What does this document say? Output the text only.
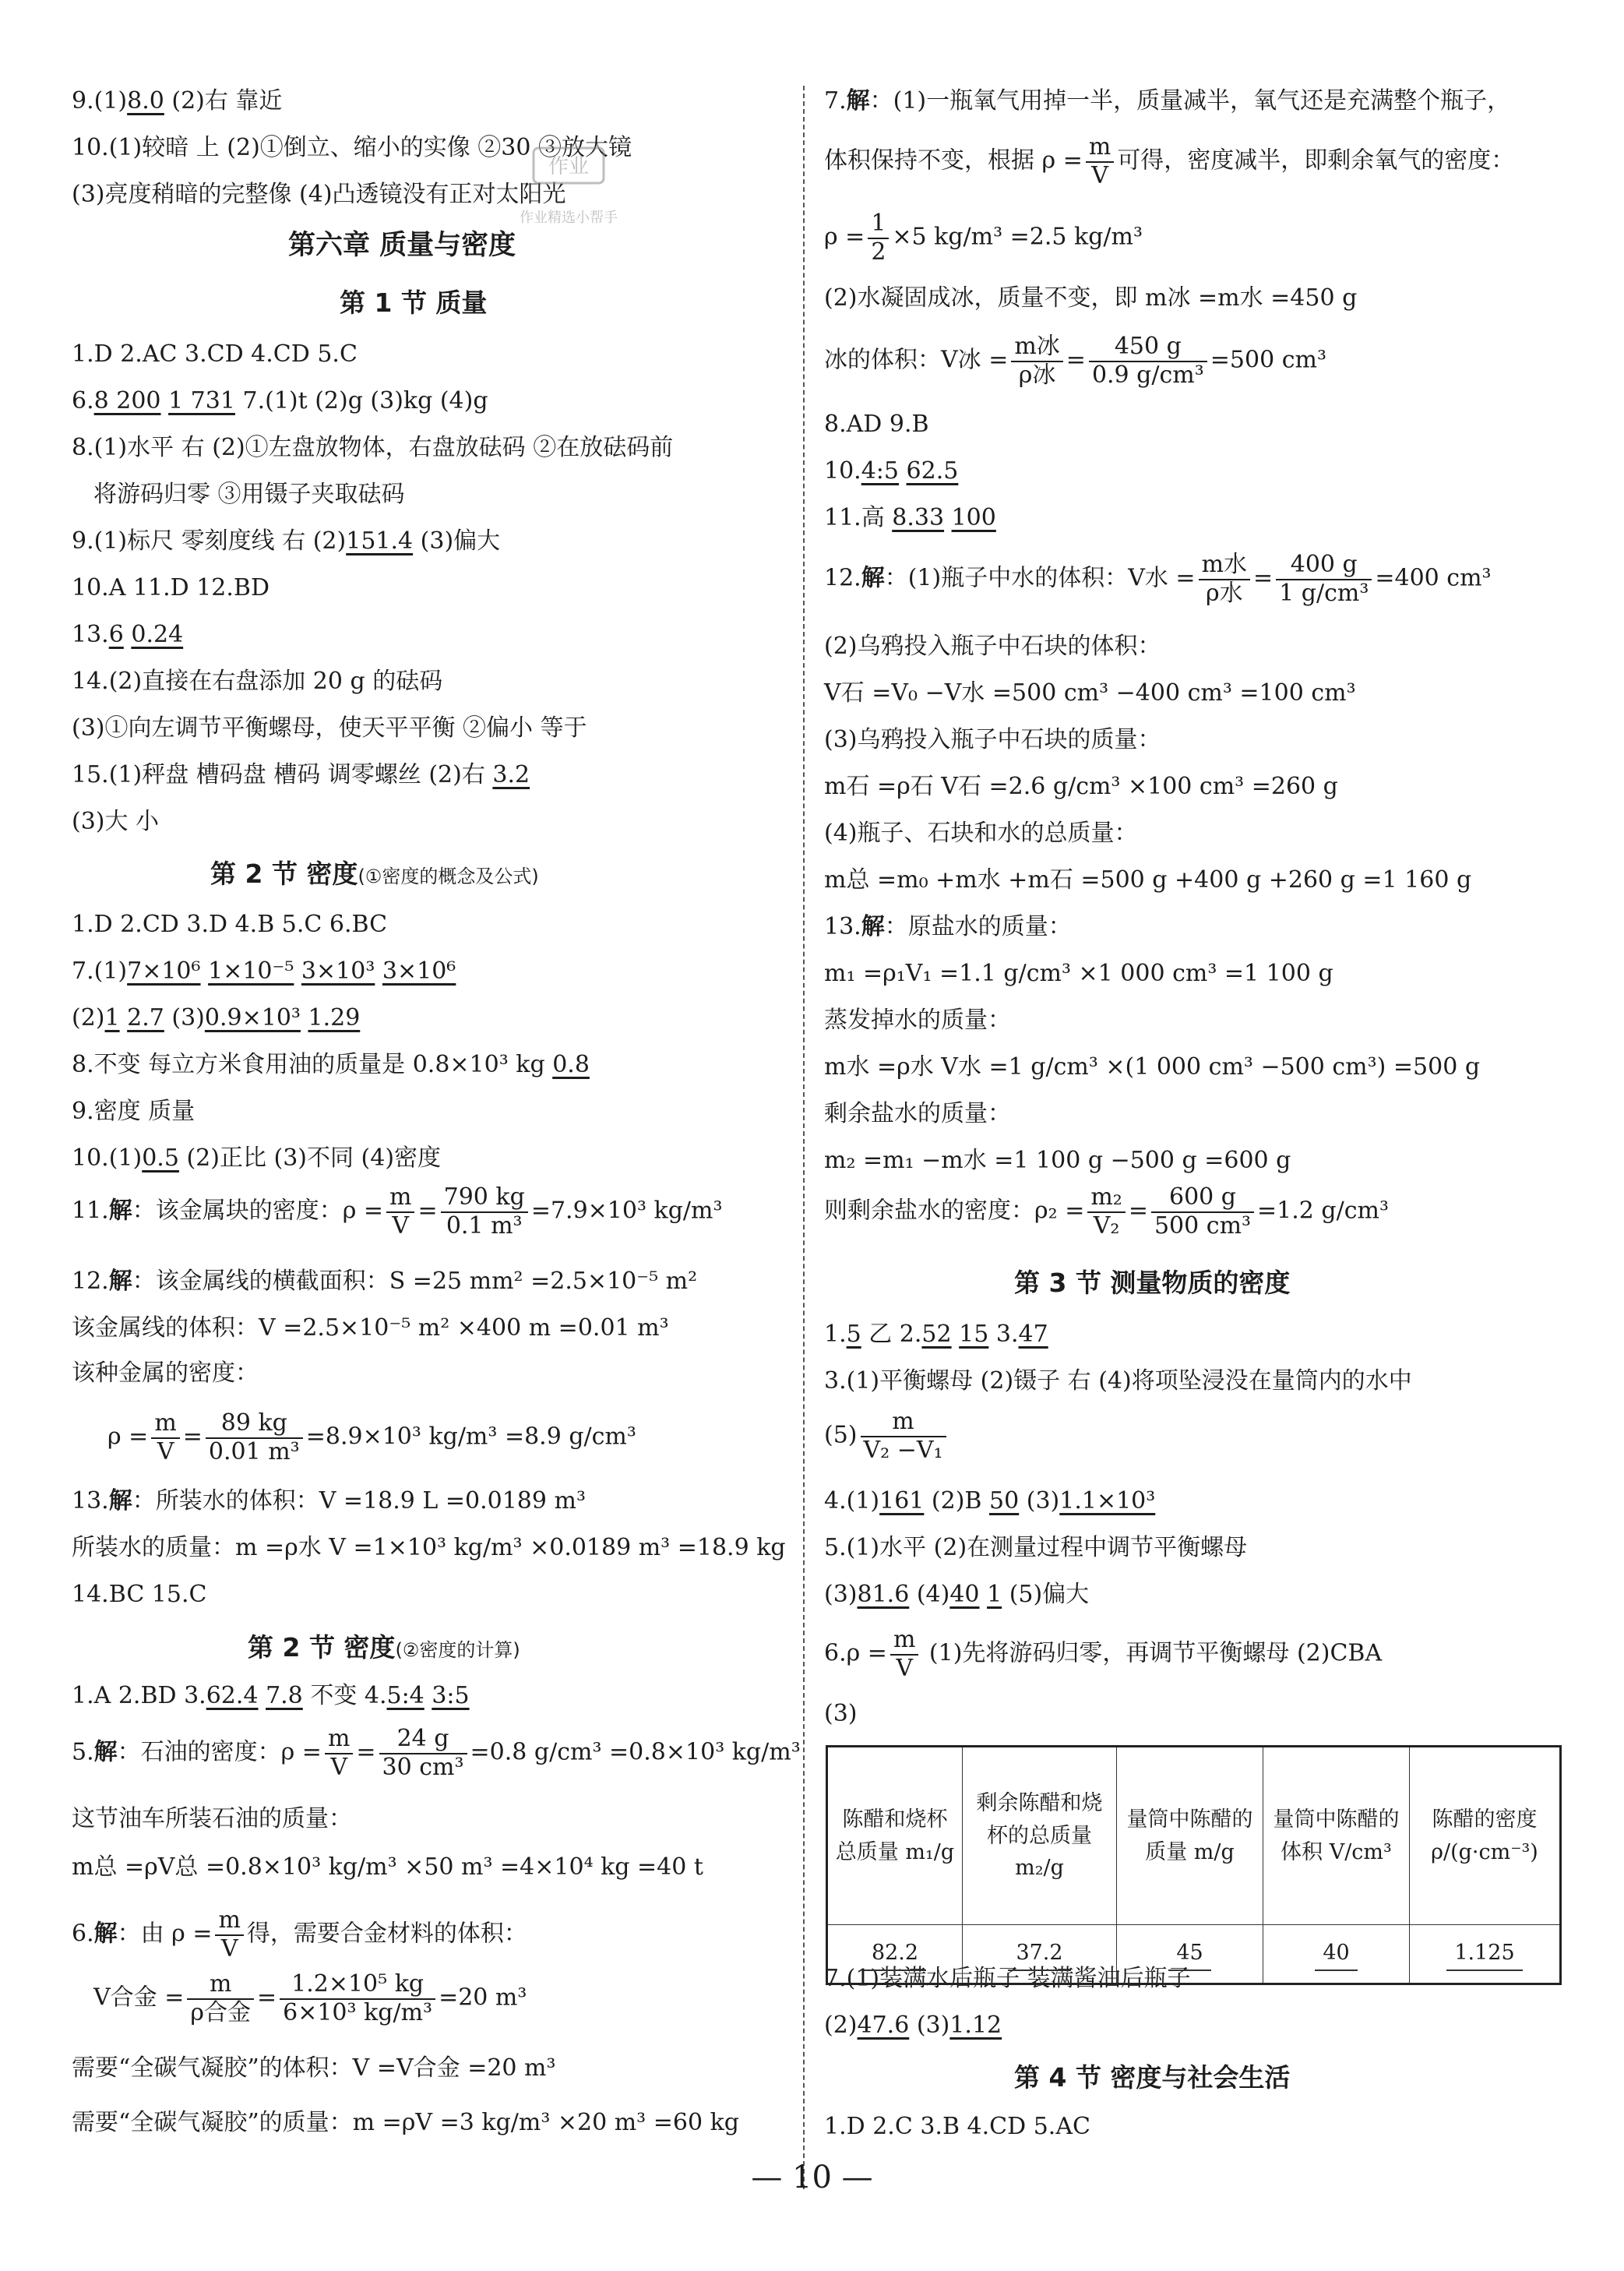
9.(1)8.0 (2)右 靠近
10.(1)较暗 上 (2)①倒立、缩小的实像 ②30 ③放大镜
(3)亮度稍暗的完整像 (4)凸透镜没有正对太阳光
第六章 质量与密度
第 1 节 质量
1.D 2.AC 3.CD 4.CD 5.C
6.8 200 1 731 7.(1)t (2)g (3)kg (4)g
8.(1)水平 右 (2)①左盘放物体，右盘放砝码 ②在放砝码前
将游码归零 ③用镊子夹取砝码
9.(1)标尺 零刻度线 右 (2)151.4 (3)偏大
10.A 11.D 12.BD
13.6 0.24
14.(2)直接在右盘添加 20 g 的砝码
(3)①向左调节平衡螺母，使天平平衡 ②偏小 等于
15.(1)秤盘 槽码盘 槽码 调零螺丝 (2)右 3.2
(3)大 小
第 2 节 密度(①密度的概念及公式)
1.D 2.CD 3.D 4.B 5.C 6.BC
7.(1)7×10⁶ 1×10⁻⁵ 3×10³ 3×10⁶
(2)1 2.7 (3)0.9×10³ 1.29
8.不变 每立方米食用油的质量是 0.8×10³ kg 0.8
9.密度 质量
10.(1)0.5 (2)正比 (3)不同 (4)密度
11.解：该金属块的密度：$\rho = \frac{m}{V} = \frac{790 kg}{\text{0.1 m³}} =7.9\times 10^3$ kg/m³
12.解：该金属线的横截面积：S =25 mm² =2.5×10⁻⁵ m²
该金属线的体积：V =2.5×10⁻⁵ m² ×400 m =0.01 m³
该种金属的密度：
$\rho = \frac{m}{V} = \frac{89 kg}{\text{0.01 m³}} =8.9\times 10^3$ kg/m³ =8.9 g/cm³
13.解：所装水的体积：V =18.9 L =0.0189 m³
所装水的质量：m =ρ水 V =1×10³ kg/m³ ×0.0189 m³ =18.9 kg
14.BC 15.C
第 2 节 密度(②密度的计算)
1.A 2.BD 3.62.4 7.8 不变 4.5:4 3:5
5.解：石油的密度：$\rho = \frac{m}{V} = \frac{24 g}{\text{30 cm³}} =0.8$ g/cm³ =0.8×10³ kg/m³
这节油车所装石油的质量：
m总 =ρV总 =0.8×10³ kg/m³ ×50 m³ =4×10⁴ kg =40 t
6.解：由 $\rho = \frac{m}{V}$ 得，需要合金材料的体积：
V合金 = $\frac{m}{\text{ρ合金}} = \frac{\text{1.2×10⁵ kg}}{\text{6×10³ kg/m³}} =20$ m³
需要“全碳气凝胶”的体积：V =V合金 =20 m³
需要“全碳气凝胶”的质量：m =ρV =3 kg/m³ ×20 m³ =60 kg
7.解：(1)一瓶氧气用掉一半，质量减半，氧气还是充满整个瓶子，
体积保持不变，根据 $\rho = \frac{m}{V}$ 可得，密度减半，即剩余氧气的密度：
$\rho = \frac{1}{2} \times 5$ kg/m³ =2.5 kg/m³
(2)水凝固成冰，质量不变，即 m冰 =m水 =450 g
冰的体积：V冰 = $\frac{\text{m冰}}{\text{ρ冰}} = \frac{450 g}{\text{0.9 g/cm³}} =500$ cm³
8.AD 9.B
10.4:5 62.5
11.高 8.33 100
12.解：(1)瓶子中水的体积：V水 = $\frac{\text{m水}}{\text{ρ水}} = \frac{400 g}{\text{1 g/cm³}} =400$ cm³
(2)乌鸦投入瓶子中石块的体积：
V石 =V₀ −V水 =500 cm³ −400 cm³ =100 cm³
(3)乌鸦投入瓶子中石块的质量：
m石 =ρ石 V石 =2.6 g/cm³ ×100 cm³ =260 g
(4)瓶子、石块和水的总质量：
m总 =m₀ +m水 +m石 =500 g +400 g +260 g =1 160 g
13.解：原盐水的质量：
m₁ =ρ₁V₁ =1.1 g/cm³ ×1 000 cm³ =1 100 g
蒸发掉水的质量：
m水 =ρ水 V水 =1 g/cm³ ×(1 000 cm³ −500 cm³) =500 g
剩余盐水的质量：
m₂ =m₁ −m水 =1 100 g −500 g =600 g
则剩余盐水的密度：$\rho_2 = \frac{\text{m₂}}{\text{V₂}} = \frac{600 g}{\text{500 cm³}} =1.2$ g/cm³
第 3 节 测量物质的密度
1.5 乙 2.52 15 3.47
3.(1)平衡螺母 (2)镊子 右 (4)将项坠浸没在量筒内的水中
$(5) \frac{m}{\text{V₂ −V₁}}$
4.(1)161 (2)B 50 (3)1.1×10³
5.(1)水平 (2)在测量过程中调节平衡螺母
(3)81.6 (4)40 1 (5)偏大
$6.\rho = \frac{m}{V} (1)$先将游码归零，再调节平衡螺母 (2)CBA
(3)
7.(1)装满水后瓶子 装满酱油后瓶子
(2)47.6 (3)1.12
第 4 节 密度与社会生活
1.D 2.C 3.B 4.CD 5.AC
陈醋和烧杯总质量 m₁/g	剩余陈醋和烧杯的总质量 m₂/g	量筒中陈醋的质量 m/g	量筒中陈醋的体积 V/cm³	陈醋的密度 ρ/(g·cm⁻³)
82.2	37.2	45	40	1.125
作业
作业精选小帮手
— 10 —
